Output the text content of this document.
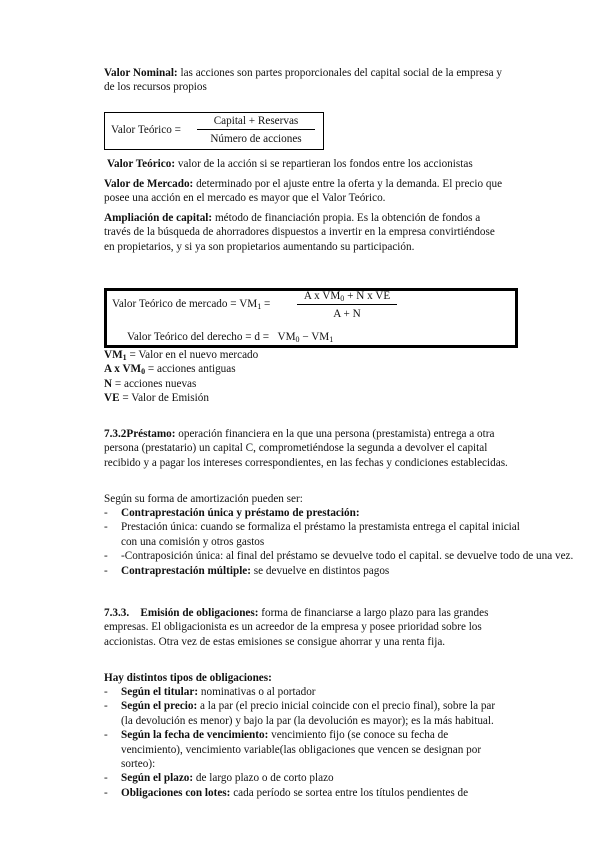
Valor Nominal: las acciones son partes proporcionales del capital social de la empresa y de los recursos propios

Valor Teórico =
Capital + Reservas
Número de acciones

Valor Teórico: valor de la acción si se repartieran los fondos entre los accionistas

Valor de Mercado: determinado por el ajuste entre la oferta y la demanda. El precio que posee una acción en el mercado es mayor que el Valor Teórico.

Ampliación de capital: método de financiación propia. Es la obtención de fondos a través de la búsqueda de ahorradores dispuestos a invertir en la empresa convirtiéndose en propietarios, y si ya son propietarios aumentando su participación.

Valor Teórico de mercado = $VM_1 = \frac{A x VM_0 + N x VE}{A + N}$
Valor Teórico del derecho = $d = VM_0 - VM_1$
$VM_1$ = Valor en el nuevo mercado
A x $VM_0$ = acciones antiguas
N = acciones nuevas
VE = Valor de Emisión

7.3.2Préstamo: operación financiera en la que una persona (prestamista) entrega a otra persona (prestatario) un capital C, comprometiéndose la segunda a devolver el capital recibido y a pagar los intereses correspondientes, en las fechas y condiciones establecidas.

Según su forma de amortización pueden ser:

- Contraprestación única y préstamo de prestación:
- Prestación única: cuando se formaliza el préstamo la prestamista entrega el capital inicial con una comisión y otros gastos
- -Contraposición única: al final del préstamo se devuelve todo el capital. se devuelve todo de una vez.
- Contraprestación múltiple: se devuelve en distintos pagos
7.3.3. Emisión de obligaciones: forma de financiarse a largo plazo para las grandes empresas. El obligacionista es un acreedor de la empresa y posee prioridad sobre los accionistas. Otra vez de estas emisiones se consigue ahorrar y una renta fija.

Hay distintos tipos de obligaciones:

- Según el titular: nominativas o al portador
- Según el precio: a la par (el precio inicial coincide con el precio final), sobre la par (la devolución es menor) y bajo la par (la devolución es mayor); es la más habitual.
- Según la fecha de vencimiento: vencimiento fijo (se conoce su fecha de vencimiento), vencimiento variable(las obligaciones que vencen se designan por sorteo):
- Según el plazo: de largo plazo o de corto plazo
- Obligaciones con lotes: cada período se sortea entre los títulos pendientes de
